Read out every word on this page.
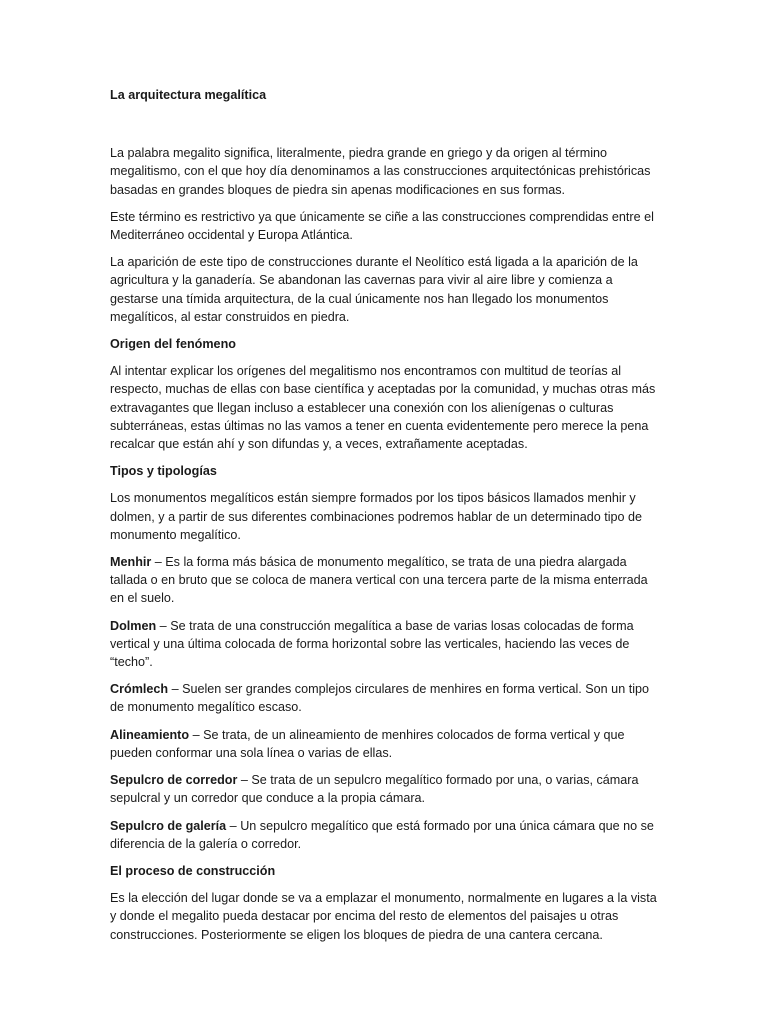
La arquitectura megalítica

La palabra megalito significa, literalmente, piedra grande en griego y da origen al término megalitismo, con el que hoy día denominamos a las construcciones arquitectónicas prehistóricas basadas en grandes bloques de piedra sin apenas modificaciones en sus formas.

Este término es restrictivo ya que únicamente se ciñe a las construcciones comprendidas entre el Mediterráneo occidental y Europa Atlántica.

La aparición de este tipo de construcciones durante el Neolítico está ligada a la aparición de la agricultura y la ganadería. Se abandonan las cavernas para vivir al aire libre y comienza a gestarse una tímida arquitectura, de la cual únicamente nos han llegado los monumentos megalíticos, al estar construidos en piedra.

Origen del fenómeno

Al intentar explicar los orígenes del megalitismo nos encontramos con multitud de teorías al respecto, muchas de ellas con base científica y aceptadas por la comunidad, y muchas otras más extravagantes que llegan incluso a establecer una conexión con los alienígenas o culturas subterráneas, estas últimas no las vamos a tener en cuenta evidentemente pero merece la pena recalcar que están ahí y son difundas y, a veces, extrañamente aceptadas.

Tipos y tipologías

Los monumentos megalíticos están siempre formados por los tipos básicos llamados menhir y dolmen, y a partir de sus diferentes combinaciones podremos hablar de un determinado tipo de monumento megalítico.

Menhir – Es la forma más básica de monumento megalítico, se trata de una piedra alargada tallada o en bruto que se coloca de manera vertical con una tercera parte de la misma enterrada en el suelo.

Dolmen – Se trata de una construcción megalítica a base de varias losas colocadas de forma vertical y una última colocada de forma horizontal sobre las verticales, haciendo las veces de “techo”.

Crómlech – Suelen ser grandes complejos circulares de menhires en forma vertical. Son un tipo de monumento megalítico escaso.

Alineamiento – Se trata, de un alineamiento de menhires colocados de forma vertical y que pueden conformar una sola línea o varias de ellas.

Sepulcro de corredor – Se trata de un sepulcro megalítico formado por una, o varias, cámara sepulcral y un corredor que conduce a la propia cámara.

Sepulcro de galería – Un sepulcro megalítico que está formado por una única cámara que no se diferencia de la galería o corredor.

El proceso de construcción

Es la elección del lugar donde se va a emplazar el monumento, normalmente en lugares a la vista y donde el megalito pueda destacar por encima del resto de elementos del paisajes u otras construcciones. Posteriormente se eligen los bloques de piedra de una cantera cercana.
